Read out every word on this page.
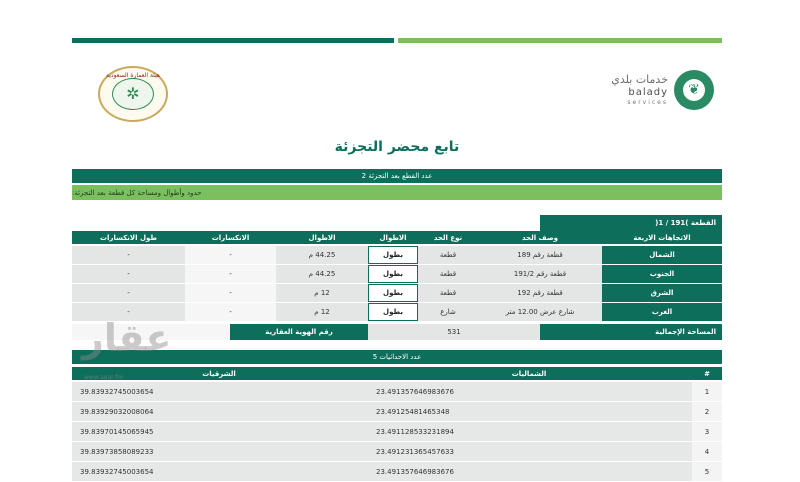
هيئة العمارة السعودية
✲	❦
خدمات بلدي
balady
services
تابع محضر التجزئة
عدد القطع بعد التجزئة 2
حدود وأطوال ومساحة كل قطعة بعد التجزئة:
القطعة )191 / 1(
الاتجاهات الاربعة
وصف الحد
نوع الحد
الاطوال
الاطوال
الانكسارات
طول الانكسارات
الشمال
قطعة رقم 189
قطعة
بطول
44.25 م
-
-
الجنوب
قطعة رقم 191/2
قطعة
بطول
44.25 م
-
-
الشرق
قطعة رقم 192
قطعة
بطول
12 م
-
-
الغرب
شارع عرض 12.00 متر
شارع
بطول
12 م
-
-
المساحة الإجمالية
531
رقم الهوية العقارية
عدد الاحداثيات 5
#
الشماليات
الشرقيات
1
23.491357646983676
39.83932745003654
2
23.49125481465348
39.83929032008064
3
23.491128533231894
39.83970145065945
4
23.491231365457633
39.83973858089233
5
23.491357646983676
39.83932745003654
عقار
www.aqar.fm
